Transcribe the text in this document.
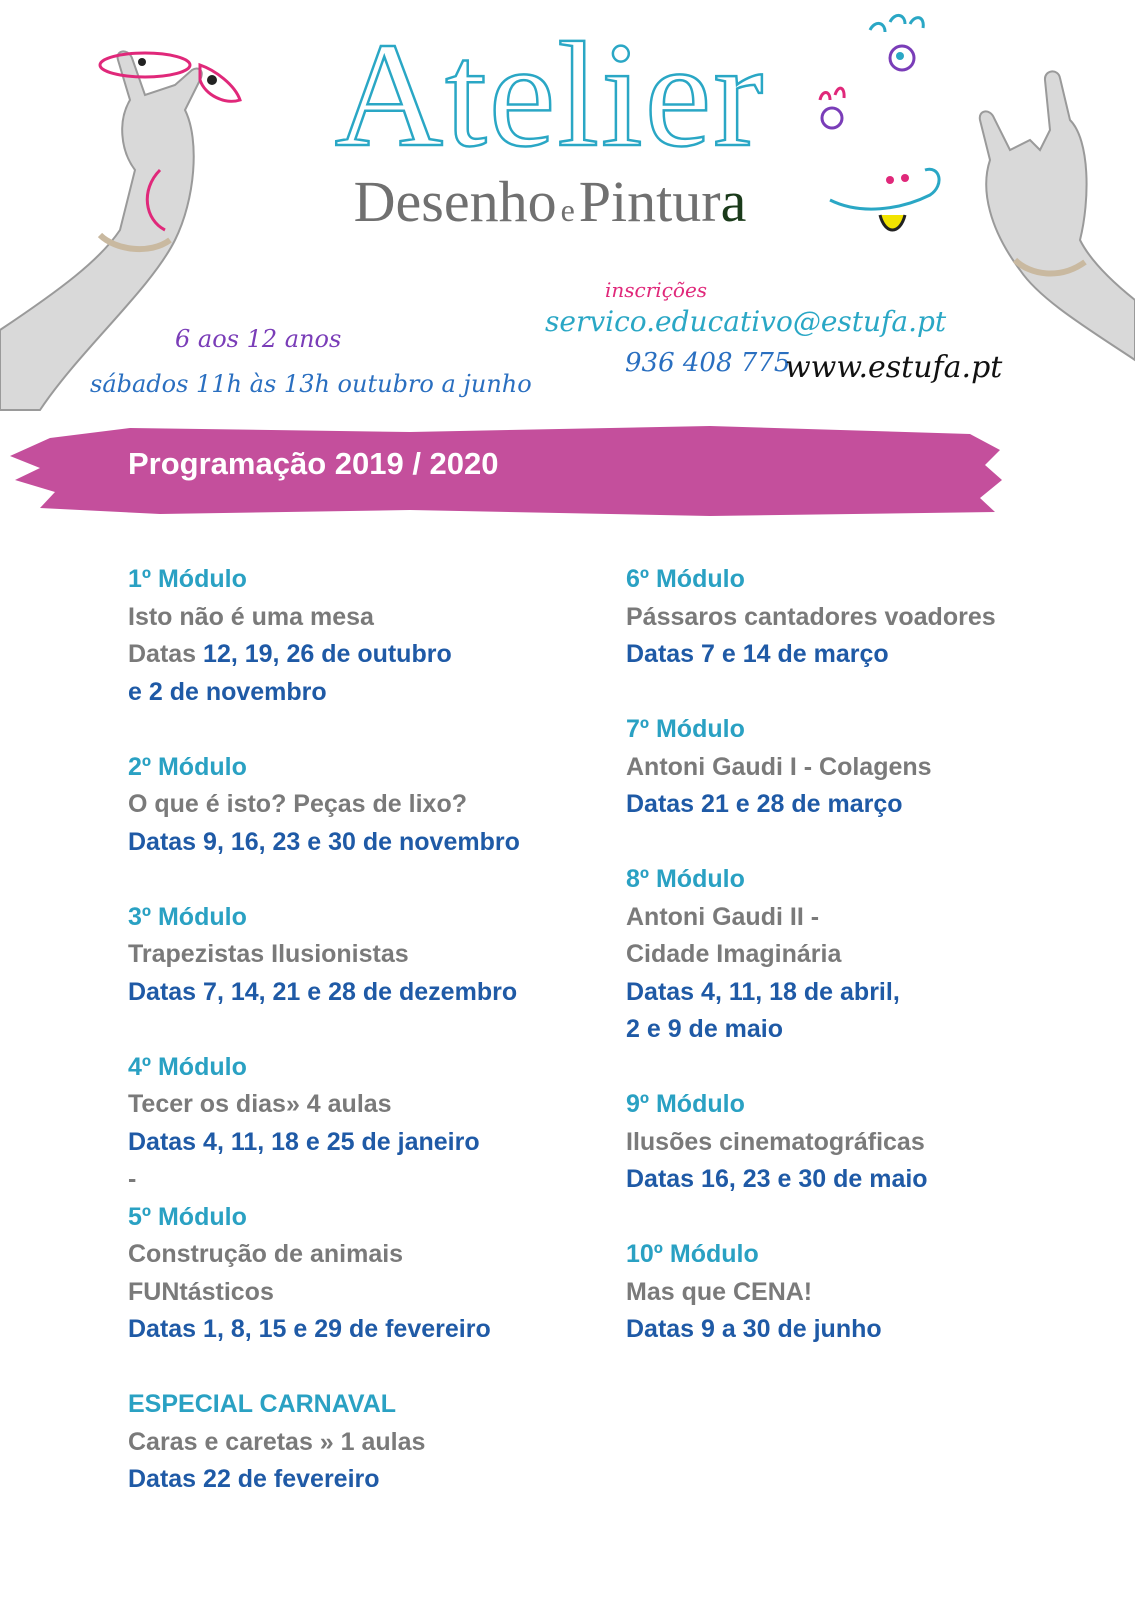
Atelier
Desenho e Pintura
6 aos 12 anos
sábados 11h às 13h outubro a junho
inscrições
servico.educativo@estufa.pt
936 408 775
www.estufa.pt
Programação 2019 / 2020
1º Módulo
Isto não é uma mesa
Datas 12, 19, 26 de outubro
e 2 de novembro
2º Módulo
O que é isto? Peças de lixo?
Datas 9, 16, 23 e 30 de novembro
3º Módulo
Trapezistas Ilusionistas
Datas 7, 14, 21 e 28 de dezembro
4º Módulo
Tecer os dias» 4 aulas
Datas 4, 11, 18 e 25 de janeiro
-
5º Módulo
Construção de animais
FUNtásticos
Datas 1, 8, 15 e 29 de fevereiro
ESPECIAL CARNAVAL
Caras e caretas » 1 aulas
Datas 22 de fevereiro
6º Módulo
Pássaros cantadores voadores
Datas 7 e 14 de março
7º Módulo
Antoni Gaudi I - Colagens
Datas 21 e 28 de março
8º Módulo
Antoni Gaudi II -
Cidade Imaginária
Datas 4, 11, 18 de abril,
2 e 9 de maio
9º Módulo
Ilusões cinematográficas
Datas 16, 23 e 30 de maio
10º Módulo
Mas que CENA!
Datas 9 a 30 de junho
